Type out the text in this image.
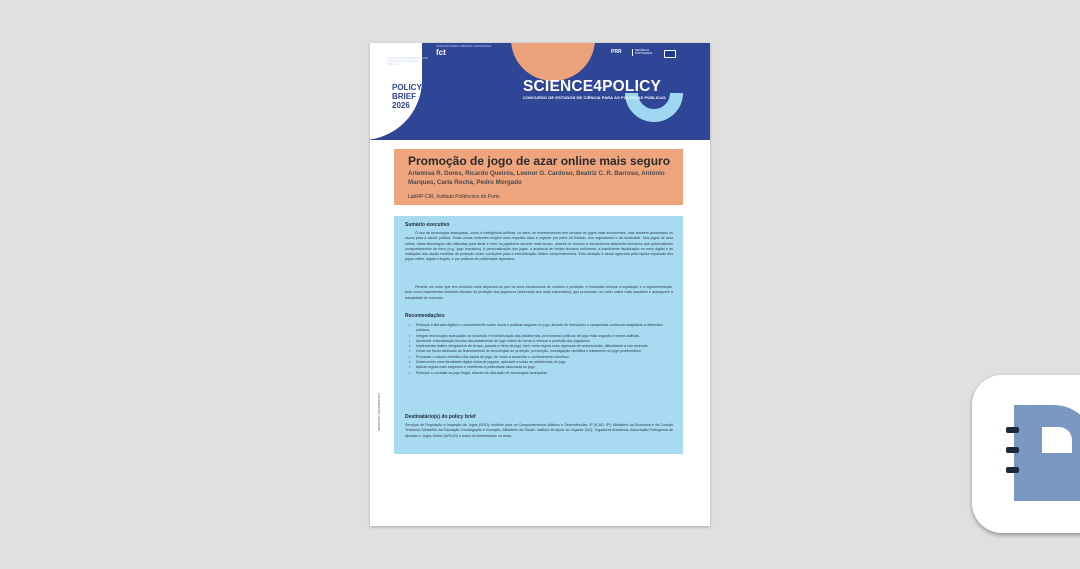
PLANAPP
CENTRO DE PLANEAMENTO E DE AVALIAÇÃO DE POLÍTICAS PÚBLICAS
FUNDAÇÃO PARA A CIÊNCIA E A TECNOLOGIA
fct	PRR	REPÚBLICA PORTUGUESA
POLICY
BRIEF
2026
SCIENCE4POLICY
CONCURSO DE ESTUDOS DE CIÊNCIA PARA AS POLÍTICAS PÚBLICAS
Promoção de jogo de azar online mais seguro
Artemisa R. Dores, Ricardo Queirós, Leonor G. Cardoso, Beatriz C. R. Barroso, António Marques, Carla Rocha, Pedro Morgado
LabRP-CIR, Instituto Politécnico do Porto
S4P/2026/P/INT-S4P/2026/P
Sumário executivo
O uso de tecnologias avançadas, como a Inteligência Artificial, no setor do entretenimento tem tornado os jogos mais envolventes, mas também aumentado os riscos para a saúde pública. Estas novas vertentes exigem uma resposta clara e urgente por parte do Estado, dos reguladores e da sociedade. Nos jogos de azar online, estas tecnologias são utilizadas para atrair e reter os jogadores durante mais tempo, através do recurso a mecanismos altamente imersivos que potencializam comportamentos de risco (e.g., jogo impulsivo). A personalização dos jogos, a ausência de limites técnicos uniformes, a insuficiente fiscalização no meio digital e as limitações das atuais medidas de proteção criam condições para a intensificação destes comportamentos. Esta situação é ainda agravada pela rápida expansão dos jogos online, legais e ilegais, e por práticas de publicidade agressiva.
Perante um setor que tem evoluído mais depressa do que os seus mecanismos de controlo e proteção, é essencial reforçar a legislação e a regulamentação, bem como implementar medidas eficazes de proteção dos jogadores (sobretudo dos mais vulneráveis), que promovam um meio online mais saudável e assegurem a integridade do mercado.
Recomendações
• Reforçar a literacia digital e o conhecimento sobre riscos e práticas seguras no jogo, através de formações e campanhas contínuas adaptadas a diferentes públicos.
• Integrar tecnologias avançadas na conceção e monitorização das plataformas, promovendo práticas de jogo mais seguras e menos aditivas.
• Aumentar a fiscalização técnica das plataformas de jogo online de forma a reforçar a proteção dos jogadores.
• Implementar limites obrigatórios de tempo, pausas e ritmo de jogo, bem como regras mais rigorosas de autoexclusão, dificultando a sua reversão.
• Gerar um fundo dedicado ao financiamento de tecnologias de proteção, prevenção, investigação científica e tratamento do jogo problemático.
• Promover o estudo científico dos dados de jogo, de modo a aumentar o conhecimento científico.
• Desenvolver uma identidade digital única de jogador, aplicável a todas as plataformas de jogo.
• Aplicar regras mais exigentes e restritivas à publicidade associada ao jogo.
• Reforçar o combate ao jogo ilegal, através da utilização de tecnologias avançadas.
Destinatário(s) do policy brief
Serviços de Regulação e Inspeção de Jogos (SRIJ); Instituto para os Comportamentos Aditivos e Dependências, IP (ICAD, IP); Ministério da Economia e da Coesão Territorial; Ministério da Educação, Investigação e Inovação; Ministério da Saúde; Instituto de Apoio ao Jogador (IAJ); Jogadores Anónimos; Associação Portuguesa de Apostas e Jogos Online (APAJO) e todos os interessados no tema.
